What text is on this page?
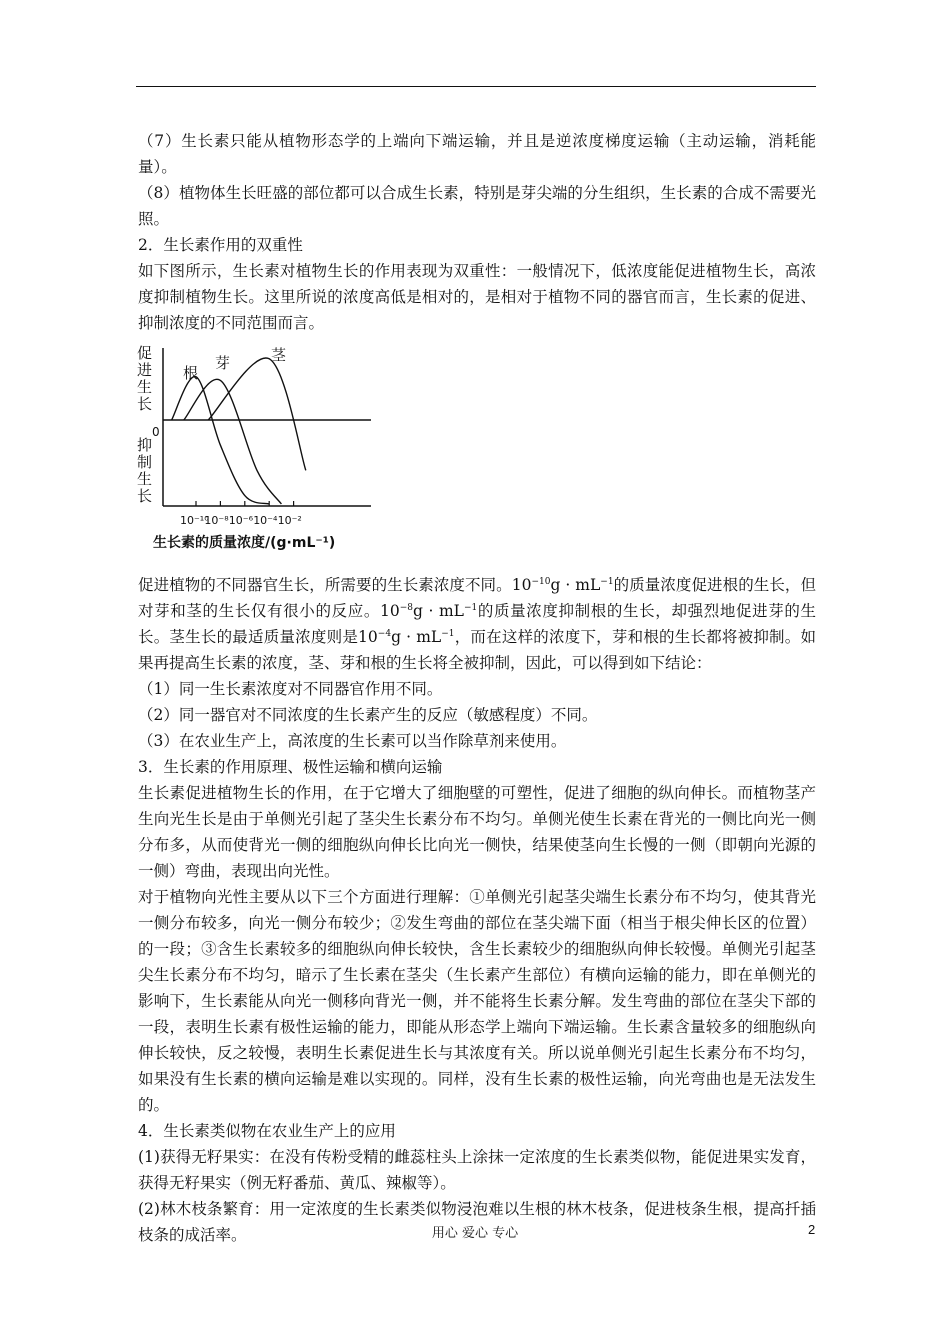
（7）生长素只能从植物形态学的上端向下端运输，并且是逆浓度梯度运输（主动运输，消耗能量）。

（8）植物体生长旺盛的部位都可以合成生长素，特别是芽尖端的分生组织，生长素的合成不需要光照。

2．生长素作用的双重性

如下图所示，生长素对植物生长的作用表现为双重性：一般情况下，低浓度能促进植物生长，高浓度抑制植物生长。这里所说的浓度高低是相对的，是相对于植物不同的器官而言，生长素的促进、抑制浓度的不同范围而言。

促进生长
抑制生长
0
根
芽	茎
10⁻¹⁰
10⁻⁸ 10⁻⁶ 10⁻⁴ 10⁻²
生长素的质量浓度/(g·mL⁻¹)

促进植物的不同器官生长，所需要的生长素浓度不同。$10^{-10}g \cdot mL^{-1}$的质量浓度促进根的生长，但对芽和茎的生长仅有很小的反应。$10^{-8}g \cdot mL^{-1}$的质量浓度抑制根的生长，却强烈地促进芽的生长。茎生长的最适质量浓度则是$10^{-4}g \cdot mL^{-1}$，而在这样的浓度下，芽和根的生长都将被抑制。如果再提高生长素的浓度，茎、芽和根的生长将全被抑制，因此，可以得到如下结论：

（1）同一生长素浓度对不同器官作用不同。

（2）同一器官对不同浓度的生长素产生的反应（敏感程度）不同。

（3）在农业生产上，高浓度的生长素可以当作除草剂来使用。

3．生长素的作用原理、极性运输和横向运输

生长素促进植物生长的作用，在于它增大了细胞壁的可塑性，促进了细胞的纵向伸长。而植物茎产生向光生长是由于单侧光引起了茎尖生长素分布不均匀。单侧光使生长素在背光的一侧比向光一侧分布多，从而使背光一侧的细胞纵向伸长比向光一侧快，结果使茎向生长慢的一侧（即朝向光源的一侧）弯曲，表现出向光性。

对于植物向光性主要从以下三个方面进行理解：①单侧光引起茎尖端生长素分布不均匀，使其背光一侧分布较多，向光一侧分布较少；②发生弯曲的部位在茎尖端下面（相当于根尖伸长区的位置）的一段；③含生长素较多的细胞纵向伸长较快，含生长素较少的细胞纵向伸长较慢。单侧光引起茎尖生长素分布不均匀，暗示了生长素在茎尖（生长素产生部位）有横向运输的能力，即在单侧光的影响下，生长素能从向光一侧移向背光一侧，并不能将生长素分解。发生弯曲的部位在茎尖下部的一段，表明生长素有极性运输的能力，即能从形态学上端向下端运输。生长素含量较多的细胞纵向伸长较快，反之较慢，表明生长素促进生长与其浓度有关。所以说单侧光引起生长素分布不均匀，如果没有生长素的横向运输是难以实现的。同样，没有生长素的极性运输，向光弯曲也是无法发生的。

4．生长素类似物在农业生产上的应用

(1)获得无籽果实：在没有传粉受精的雌蕊柱头上涂抹一定浓度的生长素类似物，能促进果实发育，获得无籽果实（例无籽番茄、黄瓜、辣椒等）。

(2)林木枝条繁育：用一定浓度的生长素类似物浸泡难以生根的林木枝条，促进枝条生根，提高扦插枝条的成活率。	用心 爱心 专心	2
